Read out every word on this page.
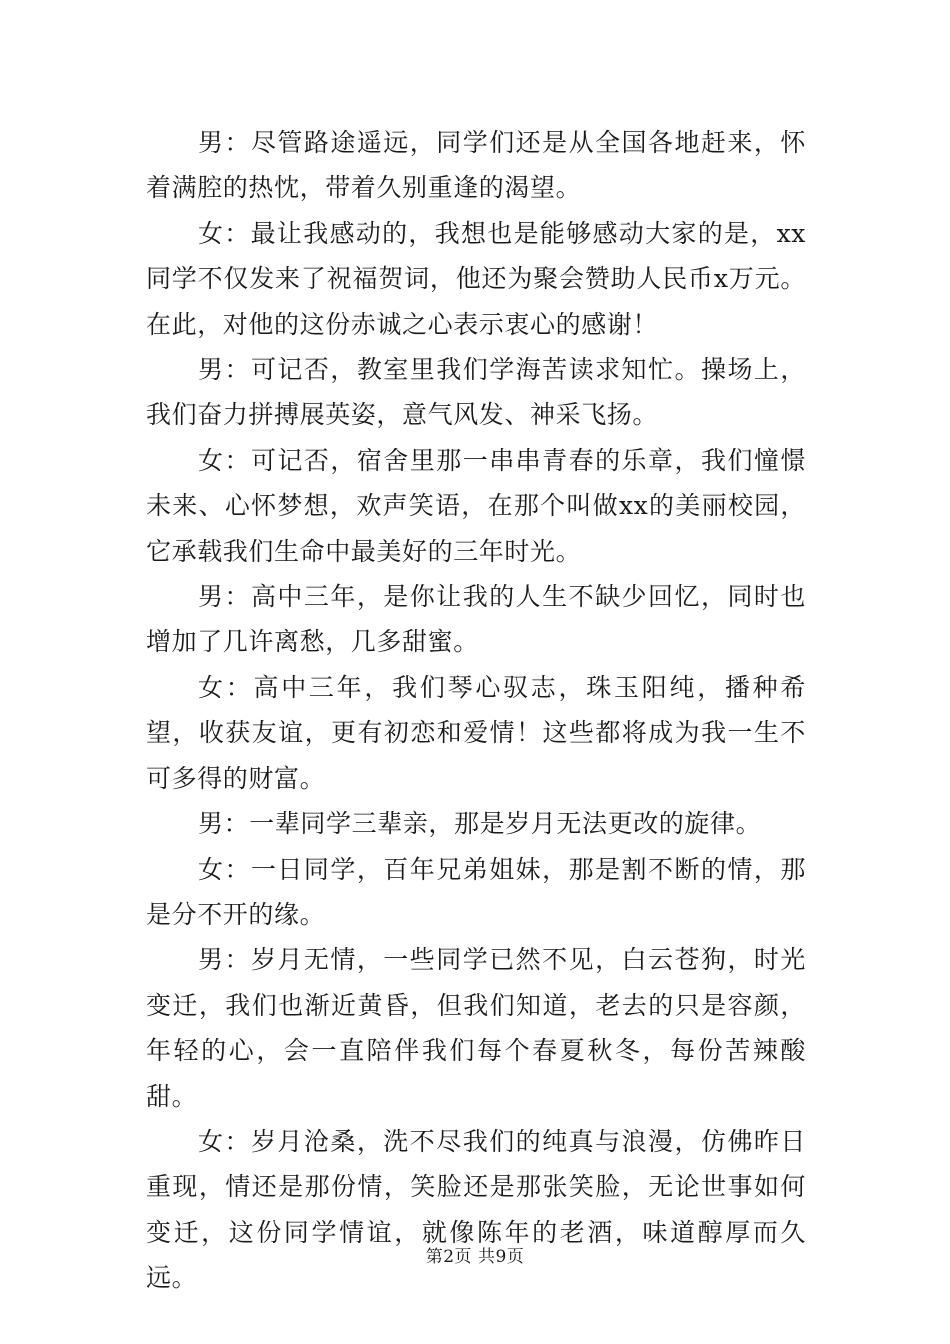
男：尽管路途遥远，同学们还是从全国各地赶来，怀着满腔的热忱，带着久别重逢的渴望。

女：最让我感动的，我想也是能够感动大家的是，xx同学不仅发来了祝福贺词，他还为聚会赞助人民币x万元。在此，对他的这份赤诚之心表示衷心的感谢！

男：可记否，教室里我们学海苦读求知忙。操场上，我们奋力拼搏展英姿，意气风发、神采飞扬。

女：可记否，宿舍里那一串串青春的乐章，我们憧憬未来、心怀梦想，欢声笑语，在那个叫做xx的美丽校园，它承载我们生命中最美好的三年时光。

男：高中三年，是你让我的人生不缺少回忆，同时也增加了几许离愁，几多甜蜜。

女：高中三年，我们琴心驭志，珠玉阳纯，播种希望，收获友谊，更有初恋和爱情！这些都将成为我一生不可多得的财富。

男：一辈同学三辈亲，那是岁月无法更改的旋律。

女：一日同学，百年兄弟姐妹，那是割不断的情，那是分不开的缘。

男：岁月无情，一些同学已然不见，白云苍狗，时光变迁，我们也渐近黄昏，但我们知道，老去的只是容颜，年轻的心，会一直陪伴我们每个春夏秋冬，每份苦辣酸甜。

女：岁月沧桑，洗不尽我们的纯真与浪漫，仿佛昨日重现，情还是那份情，笑脸还是那张笑脸，无论世事如何变迁，这份同学情谊，就像陈年的老酒，味道醇厚而久远。

第2页 共9页
